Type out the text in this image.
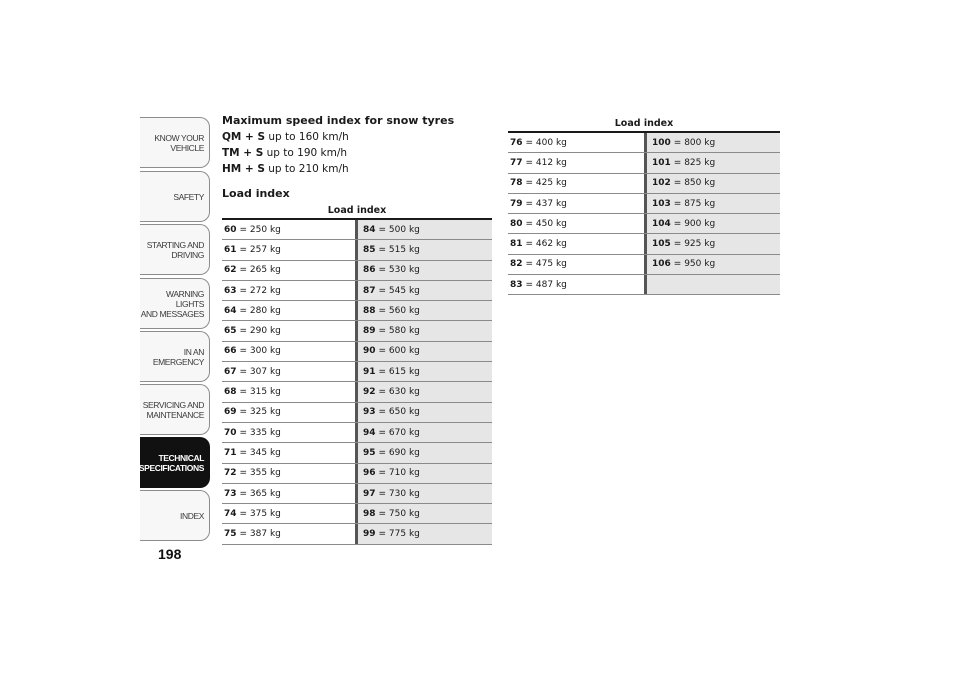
KNOW YOUR
VEHICLE
SAFETY
STARTING AND
DRIVING
WARNING LIGHTS
AND MESSAGES
IN AN EMERGENCY
SERVICING AND
MAINTENANCE
TECHNICAL
SPECIFICATIONS
INDEX
198
Maximum speed index for snow tyres
QM + S up to 160 km/h
TM + S up to 190 km/h
HM + S up to 210 km/h
Load index
Load index
60 = 250 kg	84 = 500 kg
61 = 257 kg	85 = 515 kg
62 = 265 kg	86 = 530 kg
63 = 272 kg	87 = 545 kg
64 = 280 kg	88 = 560 kg
65 = 290 kg	89 = 580 kg
66 = 300 kg	90 = 600 kg
67 = 307 kg	91 = 615 kg
68 = 315 kg	92 = 630 kg
69 = 325 kg	93 = 650 kg
70 = 335 kg	94 = 670 kg
71 = 345 kg	95 = 690 kg
72 = 355 kg	96 = 710 kg
73 = 365 kg	97 = 730 kg
74 = 375 kg	98 = 750 kg
75 = 387 kg	99 = 775 kg
Load index
76 = 400 kg	100 = 800 kg
77 = 412 kg	101 = 825 kg
78 = 425 kg	102 = 850 kg
79 = 437 kg	103 = 875 kg
80 = 450 kg	104 = 900 kg
81 = 462 kg	105 = 925 kg
82 = 475 kg	106 = 950 kg
83 = 487 kg
